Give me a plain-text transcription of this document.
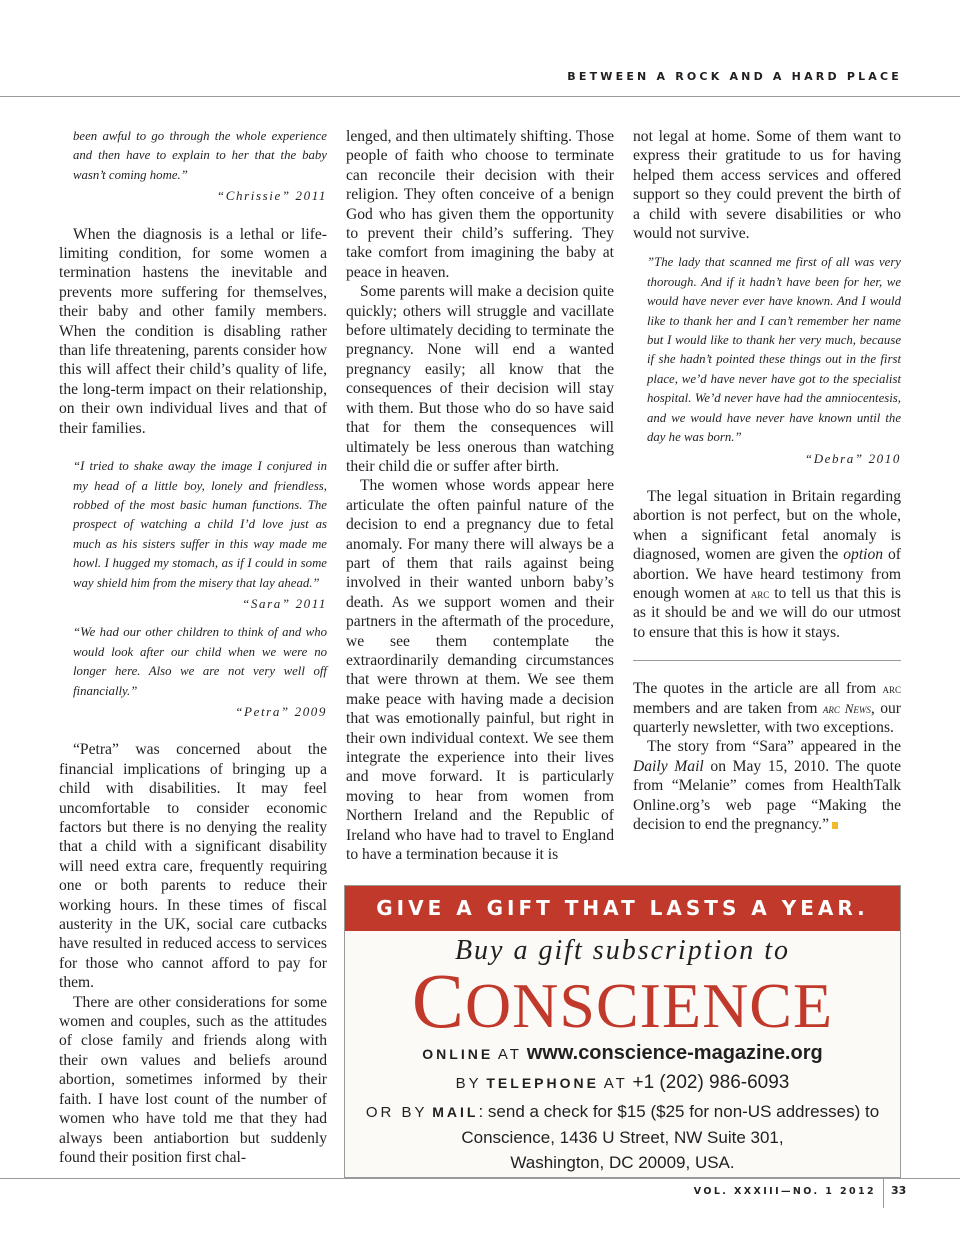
BETWEEN A ROCK AND A HARD PLACE
been awful to go through the whole experience and then have to explain to her that the baby wasn’t coming home.”
“Chrissie” 2011

When the diagnosis is a lethal or life-limiting condition, for some women a termination hastens the inevitable and prevents more suffering for themselves, their baby and other family members. When the condition is disabling rather than life threatening, parents consider how this will affect their child’s quality of life, the long-term impact on their relationship, on their own individual lives and that of their families.

“I tried to shake away the image I conjured in my head of a little boy, lonely and friendless, robbed of the most basic human functions. The prospect of watching a child I’d love just as much as his sisters suffer in this way made me howl. I hugged my stomach, as if I could in some way shield him from the misery that lay ahead.”
“Sara” 2011
“We had our other children to think of and who would look after our child when we were no longer here. Also we are not very well off financially.”
“Petra” 2009

“Petra” was concerned about the financial implications of bringing up a child with disabilities. It may feel uncomfortable to consider economic factors but there is no denying the reality that a child with a significant disability will need extra care, frequently requiring one or both parents to reduce their working hours. In these times of fiscal austerity in the UK, social care cutbacks have resulted in reduced access to services for those who cannot afford to pay for them.

There are other considerations for some women and couples, such as the attitudes of close family and friends along with their own values and beliefs around abortion, sometimes informed by their faith. I have lost count of the number of women who have told me that they had always been antiabortion but suddenly found their position first chal-

lenged, and then ultimately shifting. Those people of faith who choose to terminate can reconcile their decision with their religion. They often conceive of a benign God who has given them the opportunity to prevent their child’s suffering. They take comfort from imagining the baby at peace in heaven.

Some parents will make a decision quite quickly; others will struggle and vacillate before ultimately deciding to terminate the pregnancy. None will end a wanted pregnancy easily; all know that the consequences of their decision will stay with them. But those who do so have said that for them the consequences will ultimately be less onerous than watching their child die or suffer after birth.

The women whose words appear here articulate the often painful nature of the decision to end a pregnancy due to fetal anomaly. For many there will always be a part of them that rails against being involved in their wanted unborn baby’s death. As we support women and their partners in the aftermath of the procedure, we see them contemplate the extraordinarily demanding circumstances that were thrown at them. We see them make peace with having made a decision that was emotionally painful, but right in their own individual context. We see them integrate the experience into their lives and move forward. It is particularly moving to hear from women from Northern Ireland and the Republic of Ireland who have had to travel to England to have a termination because it is

not legal at home. Some of them want to express their gratitude to us for having helped them access services and offered support so they could prevent the birth of a child with severe disabilities or who would not survive.

”The lady that scanned me first of all was very thorough. And if it hadn’t have been for her, we would have never ever have known. And I would like to thank her and I can’t remember her name but I would like to thank her very much, because if she hadn’t pointed these things out in the first place, we’d have never have got to the specialist hospital. We’d never have had the amniocentesis, and we would have never have known until the day he was born.”
“Debra” 2010

The legal situation in Britain regarding abortion is not perfect, but on the whole, when a significant fetal anomaly is diagnosed, women are given the option of abortion. We have heard testimony from enough women at arc to tell us that this is as it should be and we will do our utmost to ensure that this is how it stays.

The quotes in the article are all from arc members and are taken from arc News, our quarterly newsletter, with two exceptions.

The story from “Sara” appeared in the Daily Mail on May 15, 2010. The quote from “Melanie” comes from HealthTalk Online.org’s web page “Making the decision to end the pregnancy.”

GIVE A GIFT THAT LASTS A YEAR.
Buy a gift subscription to
CONSCIENCE
ONLINE AT www.conscience-magazine.org
BY TELEPHONE AT +1 (202) 986-6093
OR BY MAIL: send a check for $15 ($25 for non-US addresses) to
Conscience, 1436 U Street, NW Suite 301,
Washington, DC 20009, USA.
VOL. XXXIII—NO. 1 2012 33
